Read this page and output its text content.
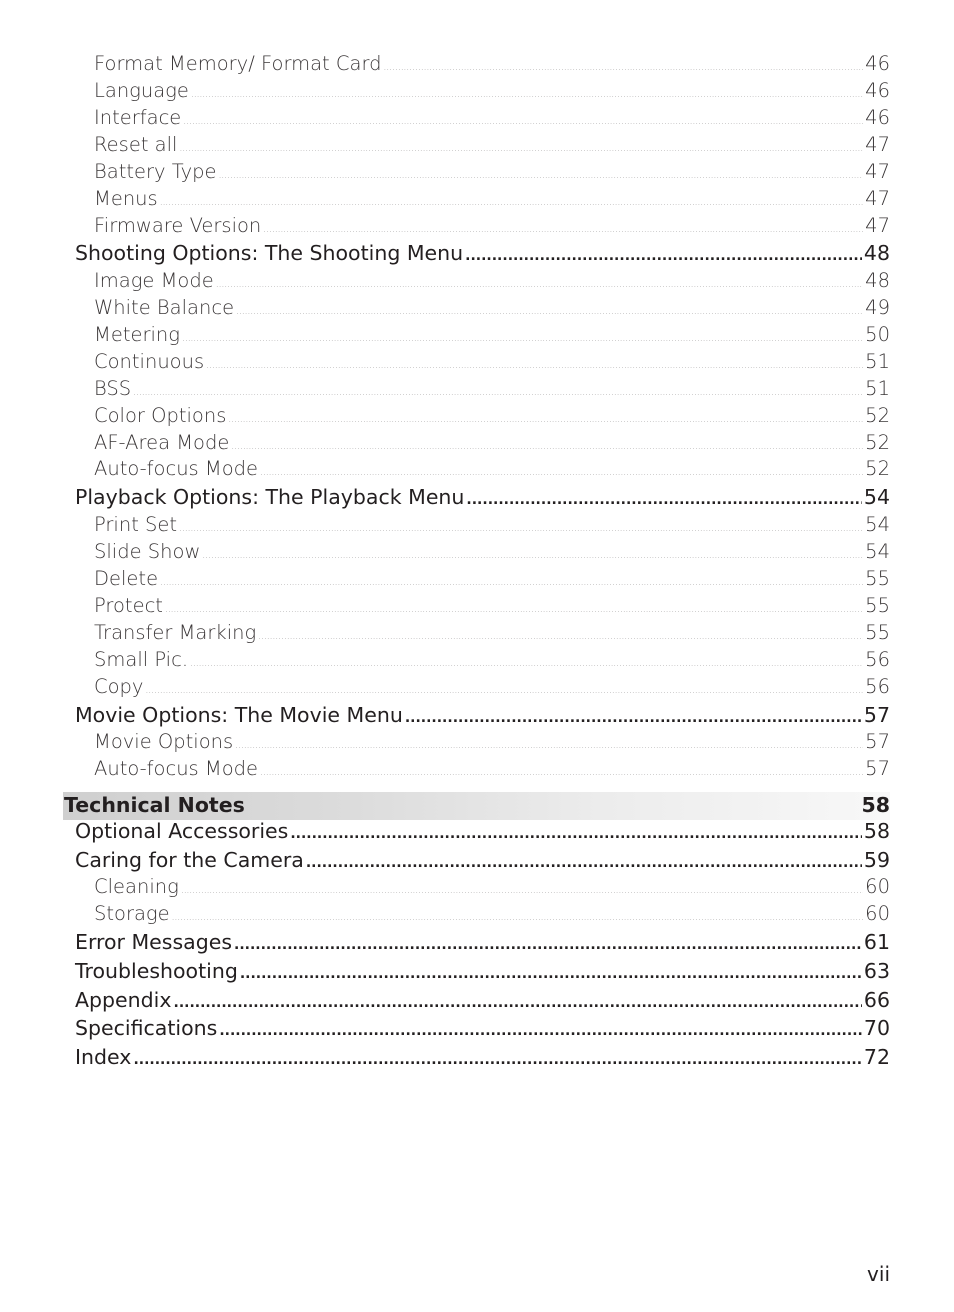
Format Memory/ Format Card .....	46
Language .....	46
Interface .....	46
Reset all .....	47
Battery Type .....	47
Menus .....	47
Firmware Version .....	47
Shooting Options: The Shooting Menu .....	48
Image Mode .....	48
White Balance .....	49
Metering .....	50
Continuous .....	51
BSS .....	51
Color Options .....	52
AF-Area Mode .....	52
Auto-focus Mode .....	52
Playback Options: The Playback Menu .....	54
Print Set .....	54
Slide Show .....	54
Delete .....	55
Protect .....	55
Transfer Marking .....	55
Small Pic. .....	56
Copy .....	56
Movie Options: The Movie Menu .....	57
Movie Options .....	57
Auto-focus Mode .....	57
Technical Notes	58
Optional Accessories .....	58
Caring for the Camera .....	59
Cleaning .....	60
Storage .....	60
Error Messages .....	61
Troubleshooting .....	63
Appendix .....	66
Specifications .....	70
Index .....	72
vii
